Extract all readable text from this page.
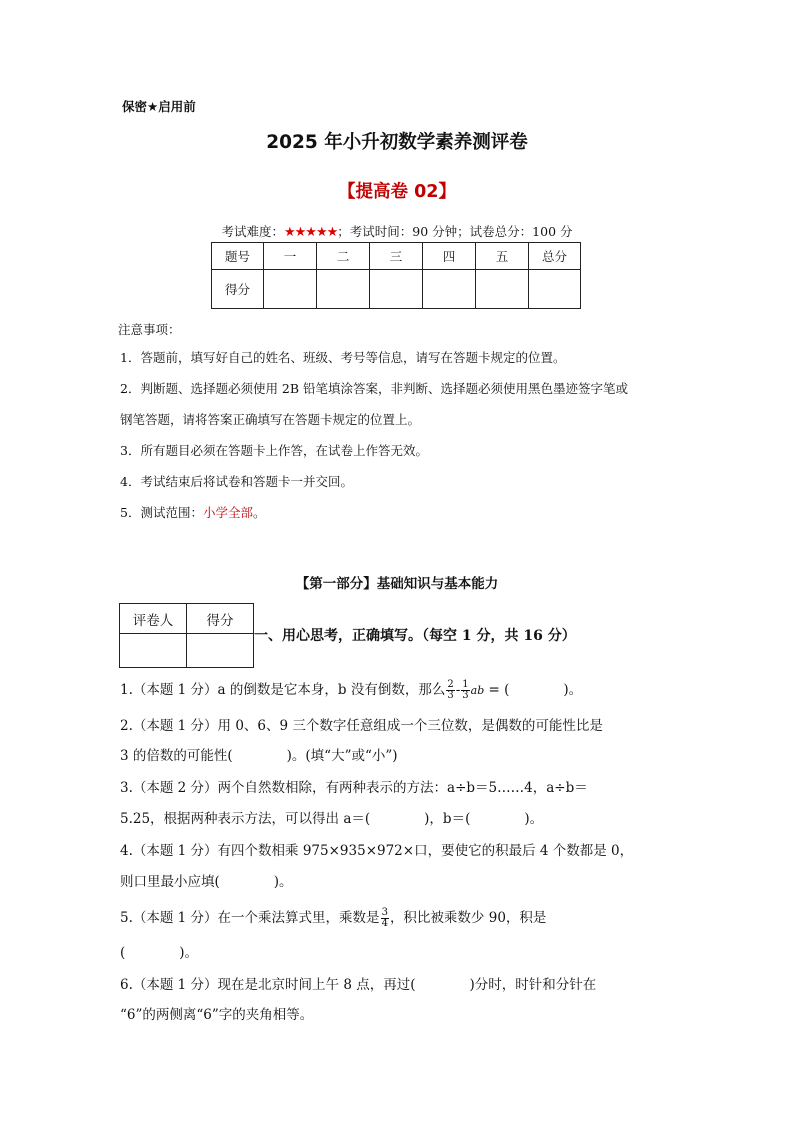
保密★启用前
2025 年小升初数学素养测评卷
【提高卷 02】
考试难度：★★★★★；考试时间：90 分钟；试卷总分：100 分
题号	一	二	三	四	五	总分
得分						
注意事项：
1．答题前，填写好自己的姓名、班级、考号等信息，请写在答题卡规定的位置。
2．判断题、选择题必须使用 2B 铅笔填涂答案，非判断、选择题必须使用黑色墨迹签字笔或
钢笔答题，请将答案正确填写在答题卡规定的位置上。
3．所有题目必须在答题卡上作答，在试卷上作答无效。
4．考试结束后将试卷和答题卡一并交回。
5．测试范围：小学全部。
【第一部分】基础知识与基本能力
评卷人	得分

一、用心思考，正确填写。（每空 1 分，共 16 分）
1.（本题 1 分）a 的倒数是它本身，b 没有倒数，那么 $\frac{2}{3} - \frac{1}{3}$ ab = (　　　　)。
2.（本题 1 分）用 0、6、9 三个数字任意组成一个三位数，是偶数的可能性比是
3 的倍数的可能性(　　　　)。(填“大”或“小”)
3.（本题 2 分）两个自然数相除，有两种表示的方法：a÷b＝5……4，a÷b＝
5.25，根据两种表示方法，可以得出 a＝(　　　　)，b＝(　　　　)。
4.（本题 1 分）有四个数相乘 975×935×972×口，要使它的积最后 4 个数都是 0，
则口里最小应填(　　　　)。
5.（本题 1 分）在一个乘法算式里，乘数是 $\frac{3}{4}$ ，积比被乘数少 90，积是
(　　　　)。
6.（本题 1 分）现在是北京时间上午 8 点，再过(　　　　)分时，时针和分针在
“6”的两侧离“6”字的夹角相等。
